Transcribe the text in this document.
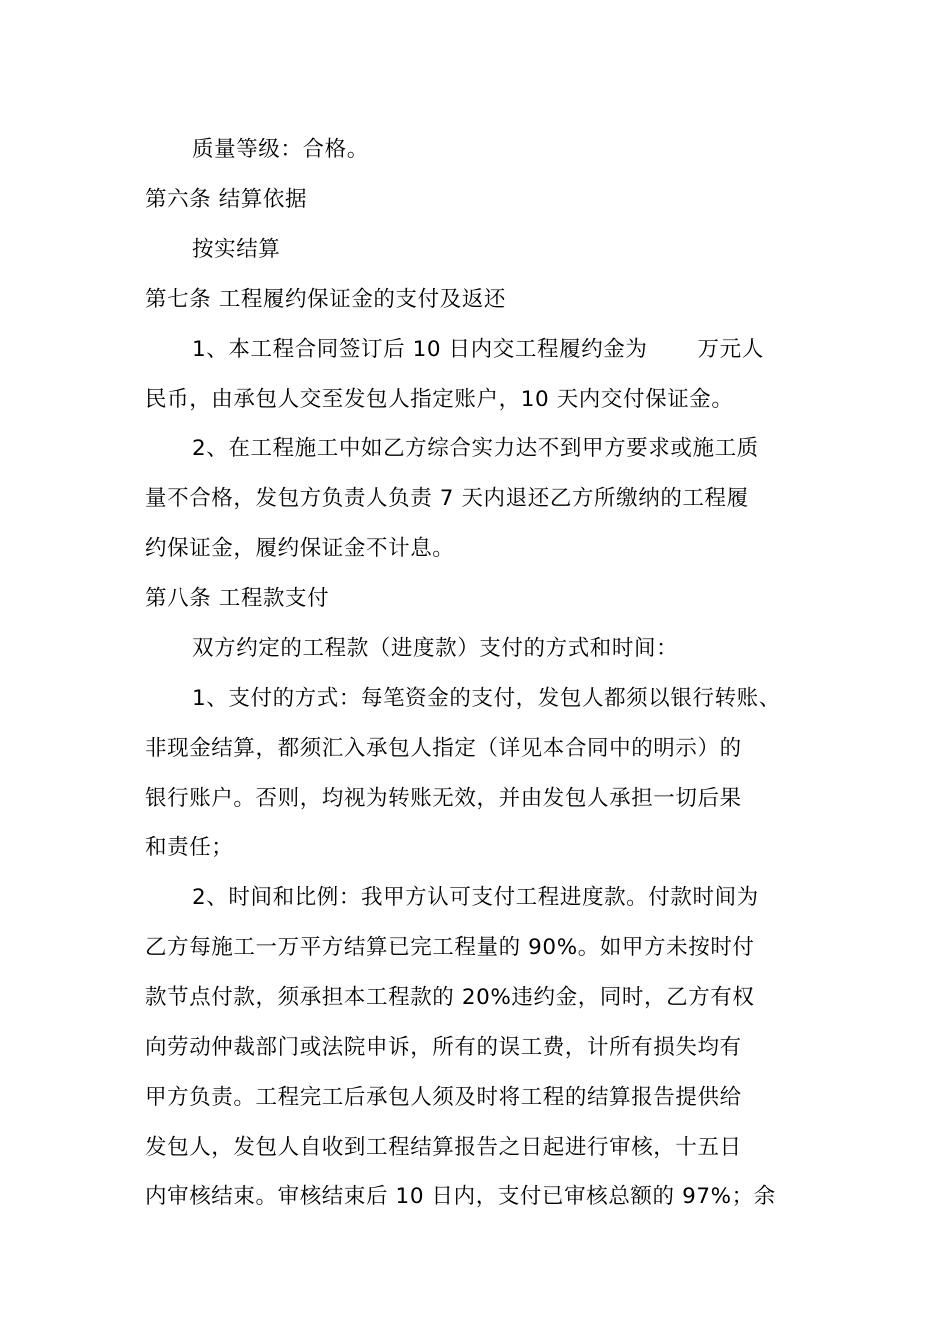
质量等级：合格。
第六条 结算依据
按实结算
第七条 工程履约保证金的支付及返还
1、本工程合同签订后 10 日内交工程履约金为 万元人
民币，由承包人交至发包人指定账户，10 天内交付保证金。
2、在工程施工中如乙方综合实力达不到甲方要求或施工质
量不合格，发包方负责人负责 7 天内退还乙方所缴纳的工程履
约保证金，履约保证金不计息。
第八条 工程款支付
双方约定的工程款（进度款）支付的方式和时间：
1、支付的方式：每笔资金的支付，发包人都须以银行转账、
非现金结算，都须汇入承包人指定（详见本合同中的明示）的
银行账户。否则，均视为转账无效，并由发包人承担一切后果
和责任；
2、时间和比例：我甲方认可支付工程进度款。付款时间为
乙方每施工一万平方结算已完工程量的 90%。如甲方未按时付
款节点付款，须承担本工程款的 20%违约金，同时，乙方有权
向劳动仲裁部门或法院申诉，所有的误工费，计所有损失均有
甲方负责。工程完工后承包人须及时将工程的结算报告提供给
发包人，发包人自收到工程结算报告之日起进行审核，十五日
内审核结束。审核结束后 10 日内，支付已审核总额的 97%；余
